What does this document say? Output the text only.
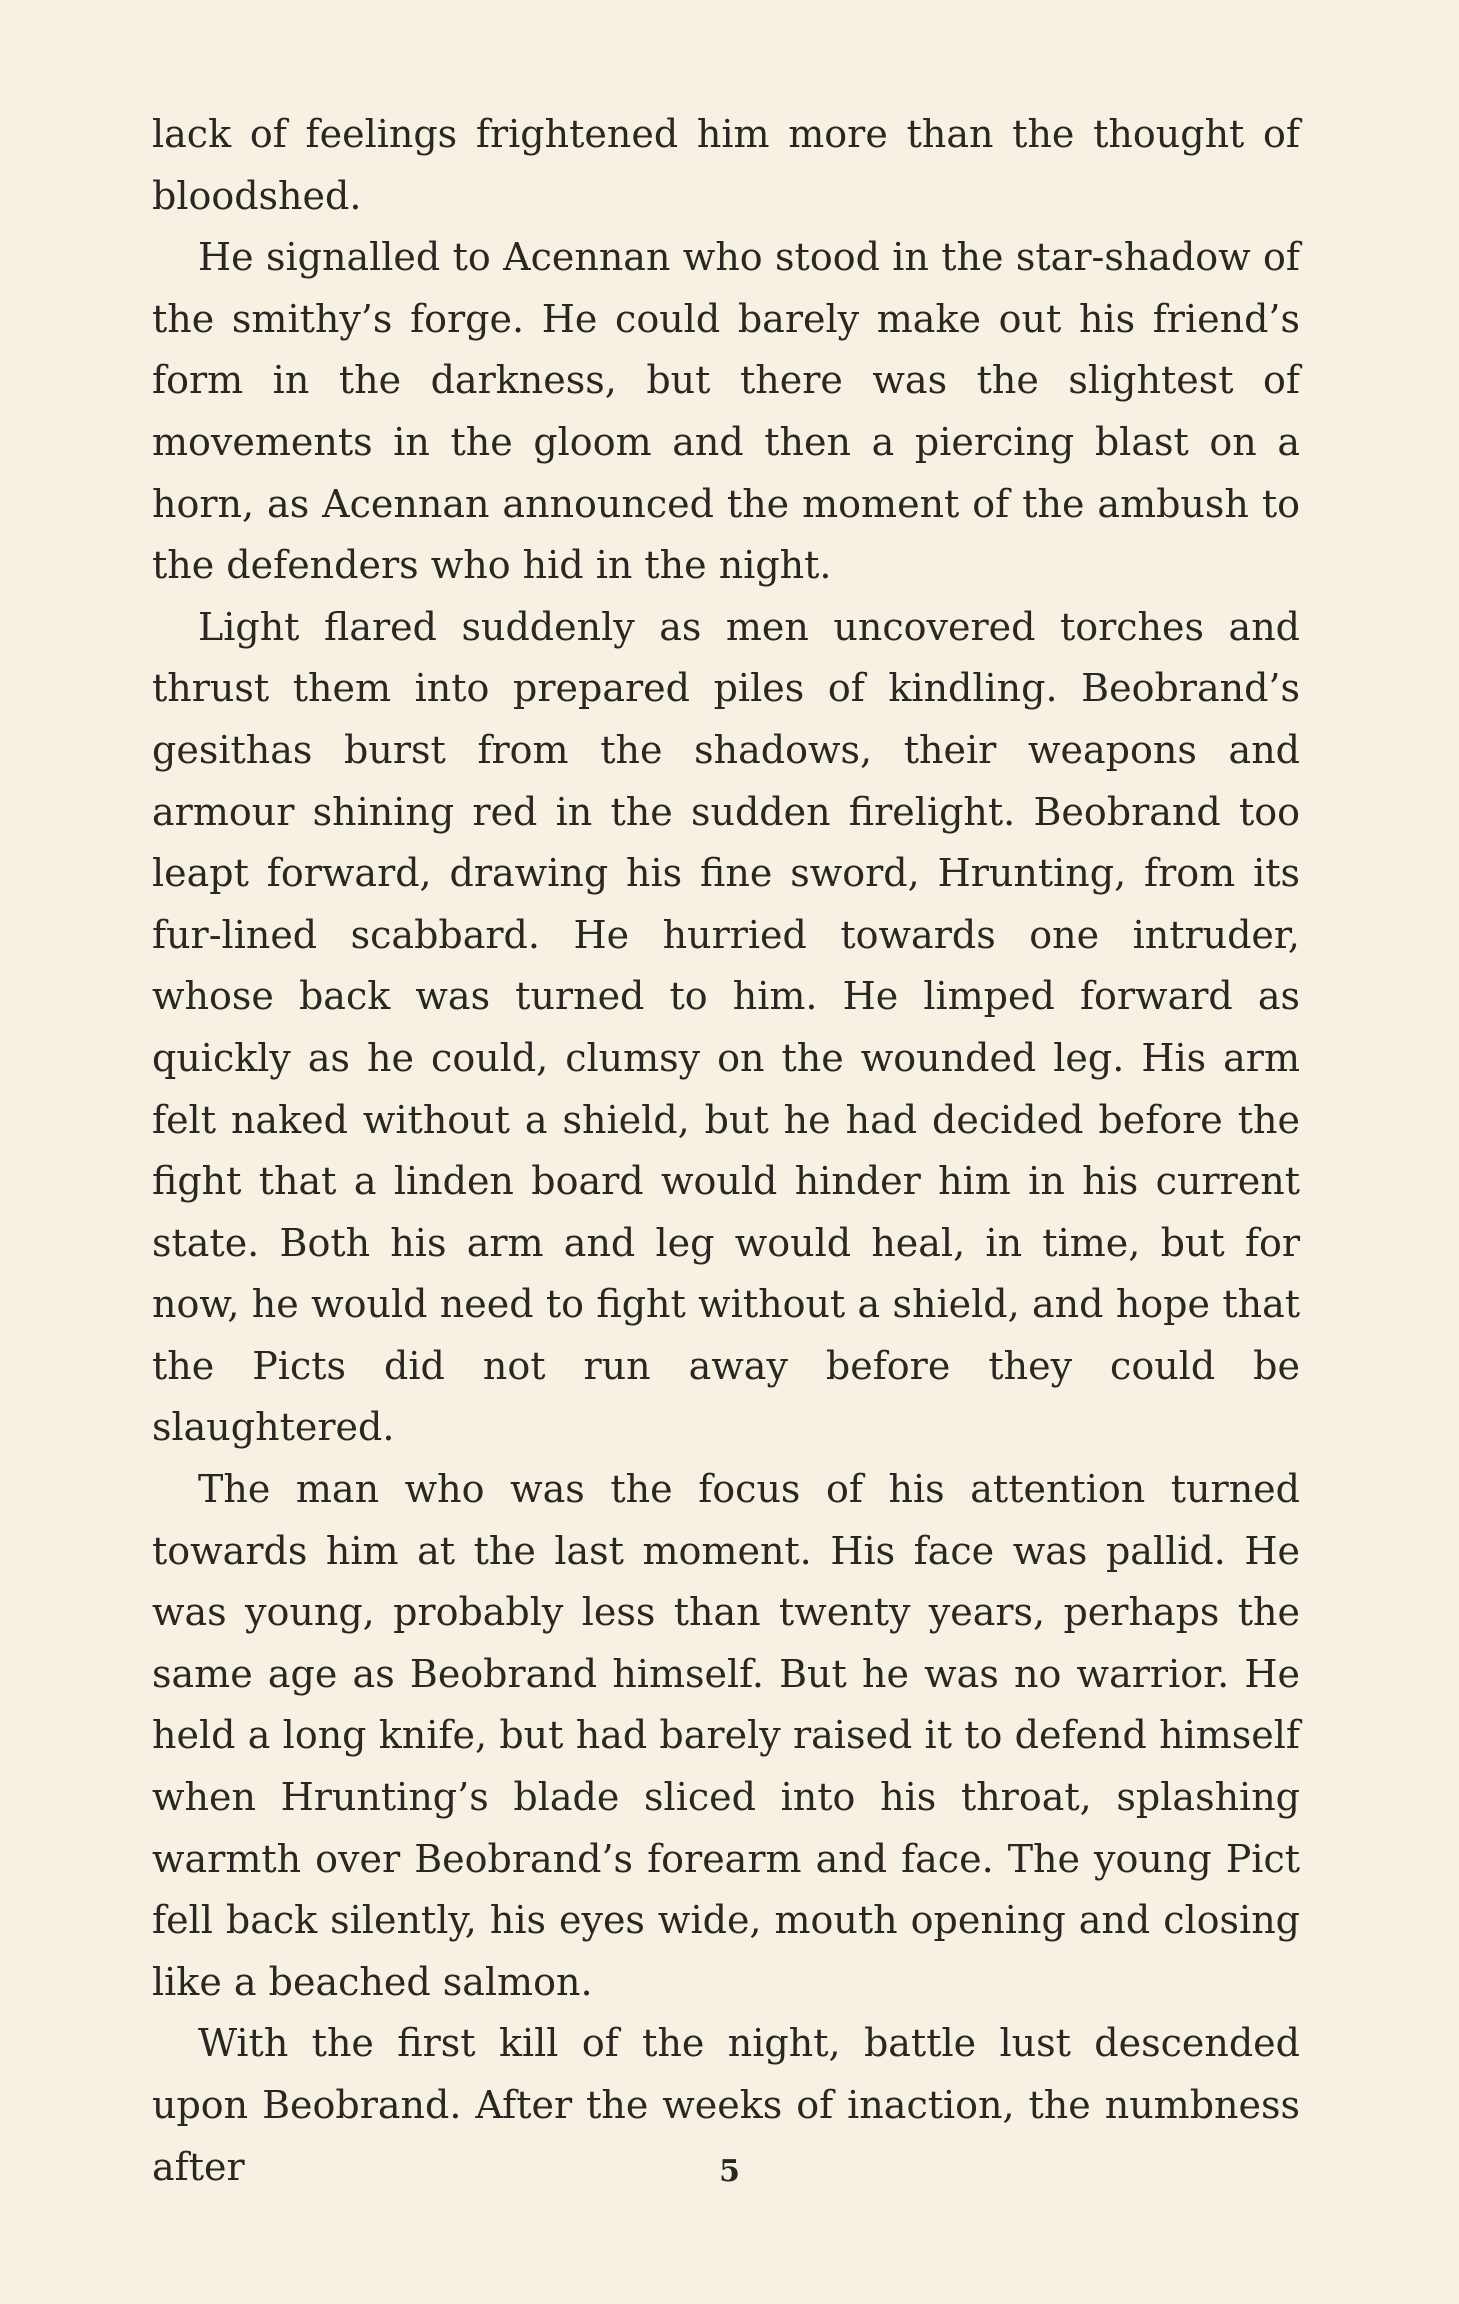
lack of feelings frightened him more than the thought of bloodshed.

He signalled to Acennan who stood in the star-shadow of the smithy’s forge. He could barely make out his friend’s form in the darkness, but there was the slightest of movements in the gloom and then a piercing blast on a horn, as Acennan announced the moment of the ambush to the defenders who hid in the night.

Light flared suddenly as men uncovered torches and thrust them into prepared piles of kindling. Beobrand’s gesithas burst from the shadows, their weapons and armour shining red in the sudden firelight. Beobrand too leapt forward, drawing his fine sword, Hrunting, from its fur-lined scabbard. He hurried towards one intruder, whose back was turned to him. He limped forward as quickly as he could, clumsy on the wounded leg. His arm felt naked without a shield, but he had decided before the fight that a linden board would hinder him in his current state. Both his arm and leg would heal, in time, but for now, he would need to fight without a shield, and hope that the Picts did not run away before they could be slaughtered.

The man who was the focus of his attention turned towards him at the last moment. His face was pallid. He was young, probably less than twenty years, perhaps the same age as Beobrand himself. But he was no warrior. He held a long knife, but had barely raised it to defend himself when Hrunting’s blade sliced into his throat, splashing warmth over Beobrand’s forearm and face. The young Pict fell back silently, his eyes wide, mouth opening and closing like a beached salmon.

With the first kill of the night, battle lust descended upon Beobrand. After the weeks of inaction, the numbness after	5
